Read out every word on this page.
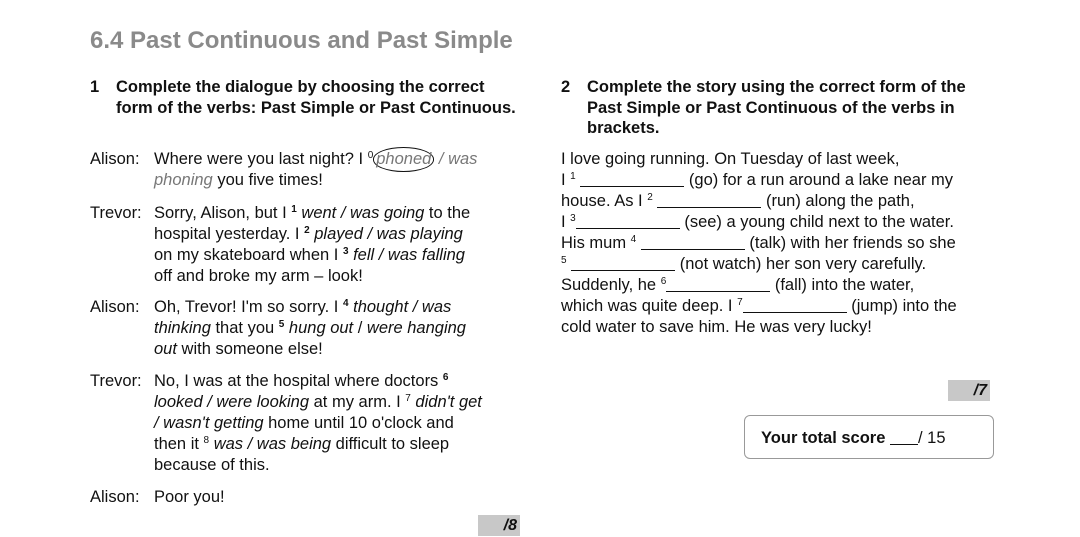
6.4 Past Continuous and Past Simple
1 Complete the dialogue by choosing the correct form of the verbs: Past Simple or Past Continuous.
Alison: Where were you last night? I $^0$ phoned / was
phoning you five times!
Trevor: Sorry, Alison, but I $^1$ went / was going to the
hospital yesterday. I $^2$ played / was playing
on my skateboard when I $^3$ fell / was falling
off and broke my arm – look!
Alison: Oh, Trevor! I'm so sorry. I $^4$ thought / was
thinking that you $^5$ hung out / were hanging
out with someone else!
Trevor: No, I was at the hospital where doctors $^6$
looked / were looking at my arm. I $^7$ didn't get
/ wasn't getting home until 10 o'clock and
then it $^8$ was / was being difficult to sleep
because of this.
Alison: Poor you!
/8
2 Complete the story using the correct form of the Past Simple or Past Continuous of the verbs in brackets.
I love going running. On Tuesday of last week,
I $^1$	(go) for a run around a lake near my
house. As I $^2$	(run) along the path,
I $^3$	(see) a young child next to the water.
His mum $^4$	(talk) with her friends so she
$^5$	(not watch) her son very carefully.
Suddenly, he $^6$	(fall) into the water,
which was quite deep. I $^7$	(jump) into the
cold water to save him. He was very lucky!
/7
Your total score / 15
